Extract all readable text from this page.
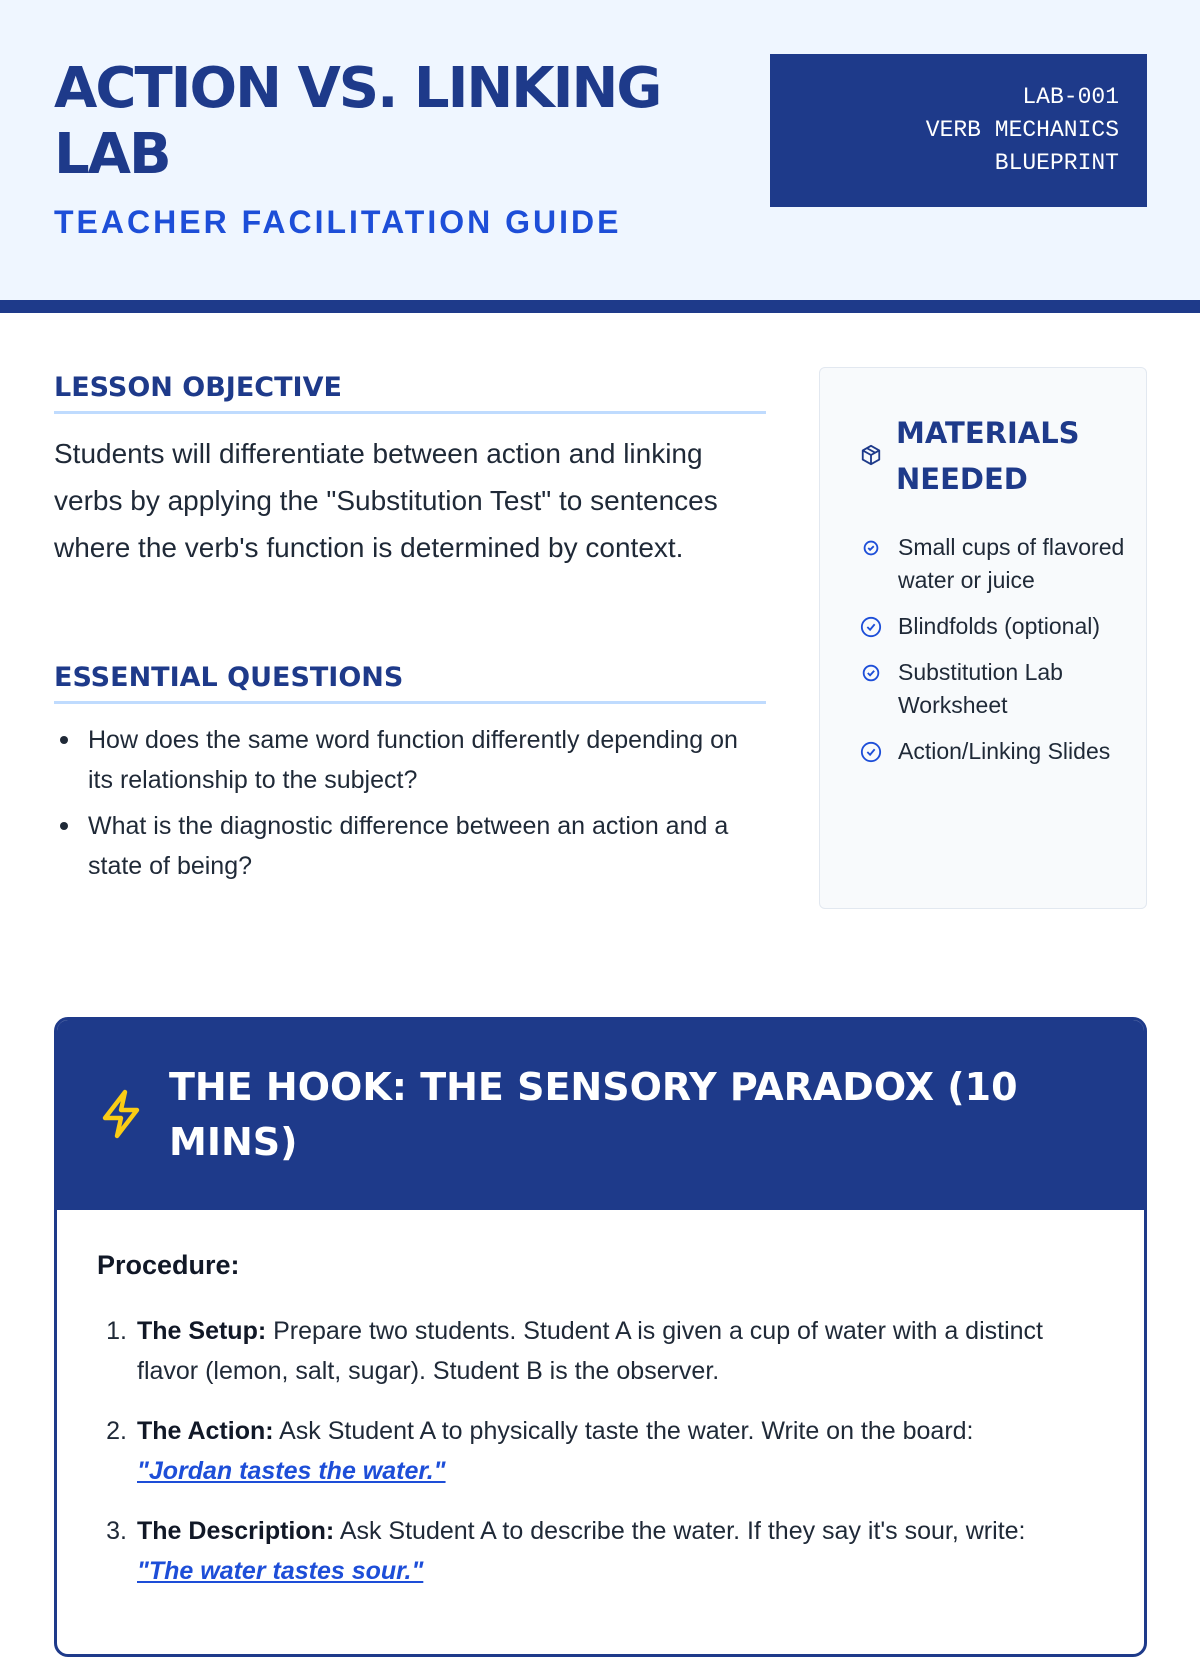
ACTION VS. LINKING LAB
TEACHER FACILITATION GUIDE
LAB-001
VERB MECHANICS
BLUEPRINT
LESSON OBJECTIVE

Students will differentiate between action and linking verbs by applying the "Substitution Test" to sentences where the verb's function is determined by context.

ESSENTIAL QUESTIONS
How does the same word function differently depending on its relationship to the subject?
What is the diagnostic difference between an action and a state of being?
MATERIALS NEEDED
Small cups of flavored water or juice
Blindfolds (optional)
Substitution Lab Worksheet
Action/Linking Slides
THE HOOK: THE SENSORY PARADOX (10 MINS)
Procedure:
1. The Setup: Prepare two students. Student A is given a cup of water with a distinct flavor (lemon, salt, sugar). Student B is the observer.
2. The Action: Ask Student A to physically taste the water. Write on the board:
"Jordan tastes the water."
3. The Description: Ask Student A to describe the water. If they say it's sour, write:
"The water tastes sour."
